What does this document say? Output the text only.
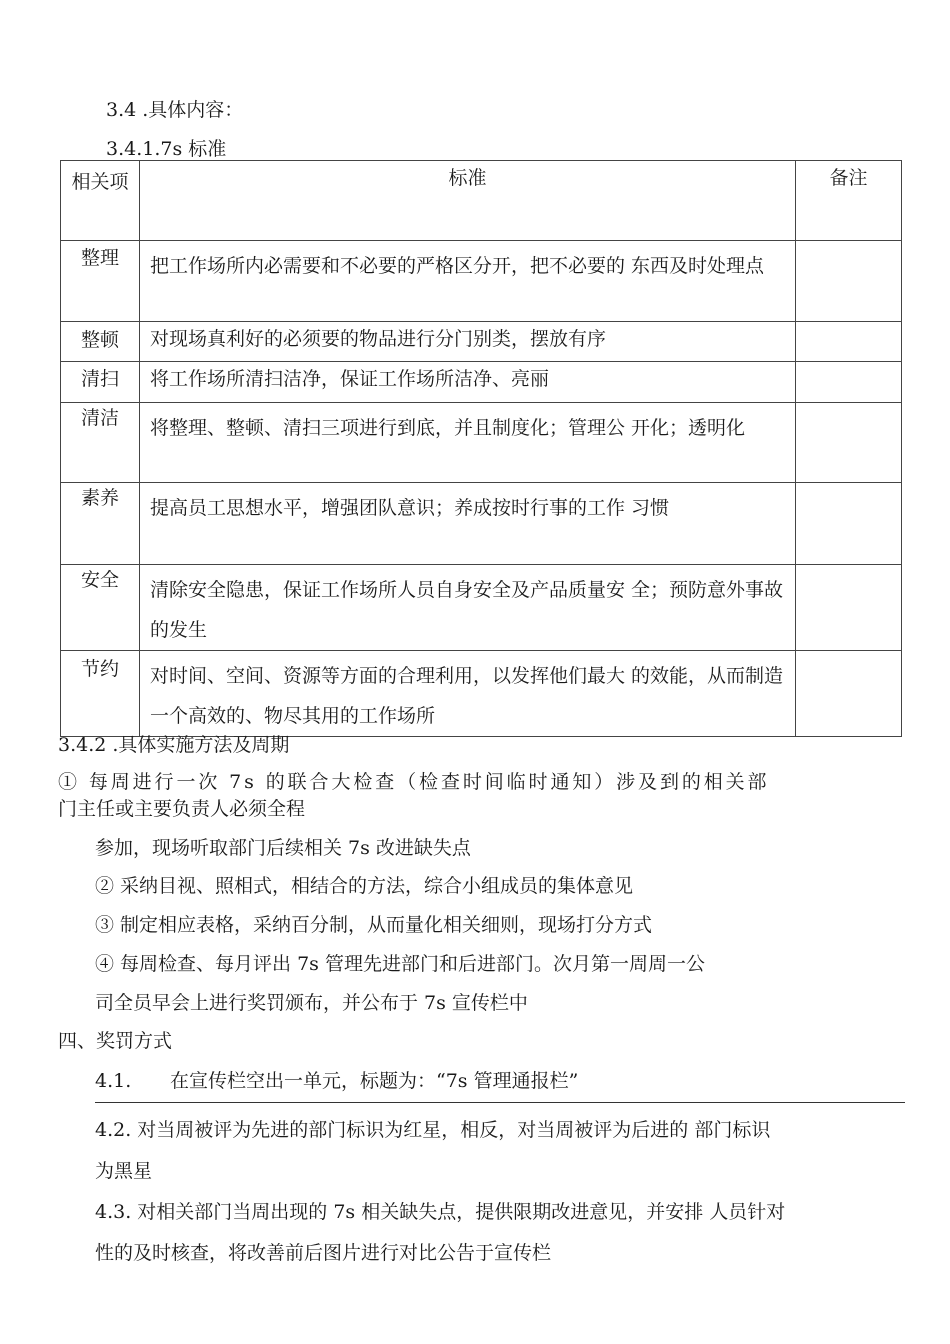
3.4 .具体内容：
3.4.1.7s 标准
相关项	标准	备注

整理	把工作场所内必需要和不必要的严格区分开，把不必要的 东西及时处理点	

整顿	对现场真利好的必须要的物品进行分门别类，摆放有序	

清扫	将工作场所清扫洁净，保证工作场所洁净、亮丽	

清洁	将整理、整顿、清扫三项进行到底，并且制度化；管理公 开化；透明化	

素养	提高员工思想水平，增强团队意识；养成按时行事的工作 习惯	

安全	清除安全隐患，保证工作场所人员自身安全及产品质量安 全；预防意外事故的发生	

节约	对时间、空间、资源等方面的合理利用，以发挥他们最大 的效能，从而制造一个高效的、物尽其用的工作场所	

3.4.2 .具体实施方法及周期
① 每周进行一次 7s 的联合大检查（检查时间临时通知）涉及到的相关部
门主任或主要负责人必须全程
参加，现场听取部门后续相关 7s 改进缺失点
② 采纳目视、照相式，相结合的方法，综合小组成员的集体意见
③ 制定相应表格，采纳百分制，从而量化相关细则，现场打分方式
④ 每周检查、每月评出 7s 管理先进部门和后进部门。次月第一周周一公
司全员早会上进行奖罚颁布，并公布于 7s 宣传栏中
四、奖罚方式
4.1. 在宣传栏空出一单元，标题为：“7s 管理通报栏”
4.2. 对当周被评为先进的部门标识为红星，相反，对当周被评为后进的 部门标识
为黑星
4.3. 对相关部门当周出现的 7s 相关缺失点，提供限期改进意见，并安排 人员针对
性的及时核查，将改善前后图片进行对比公告于宣传栏
